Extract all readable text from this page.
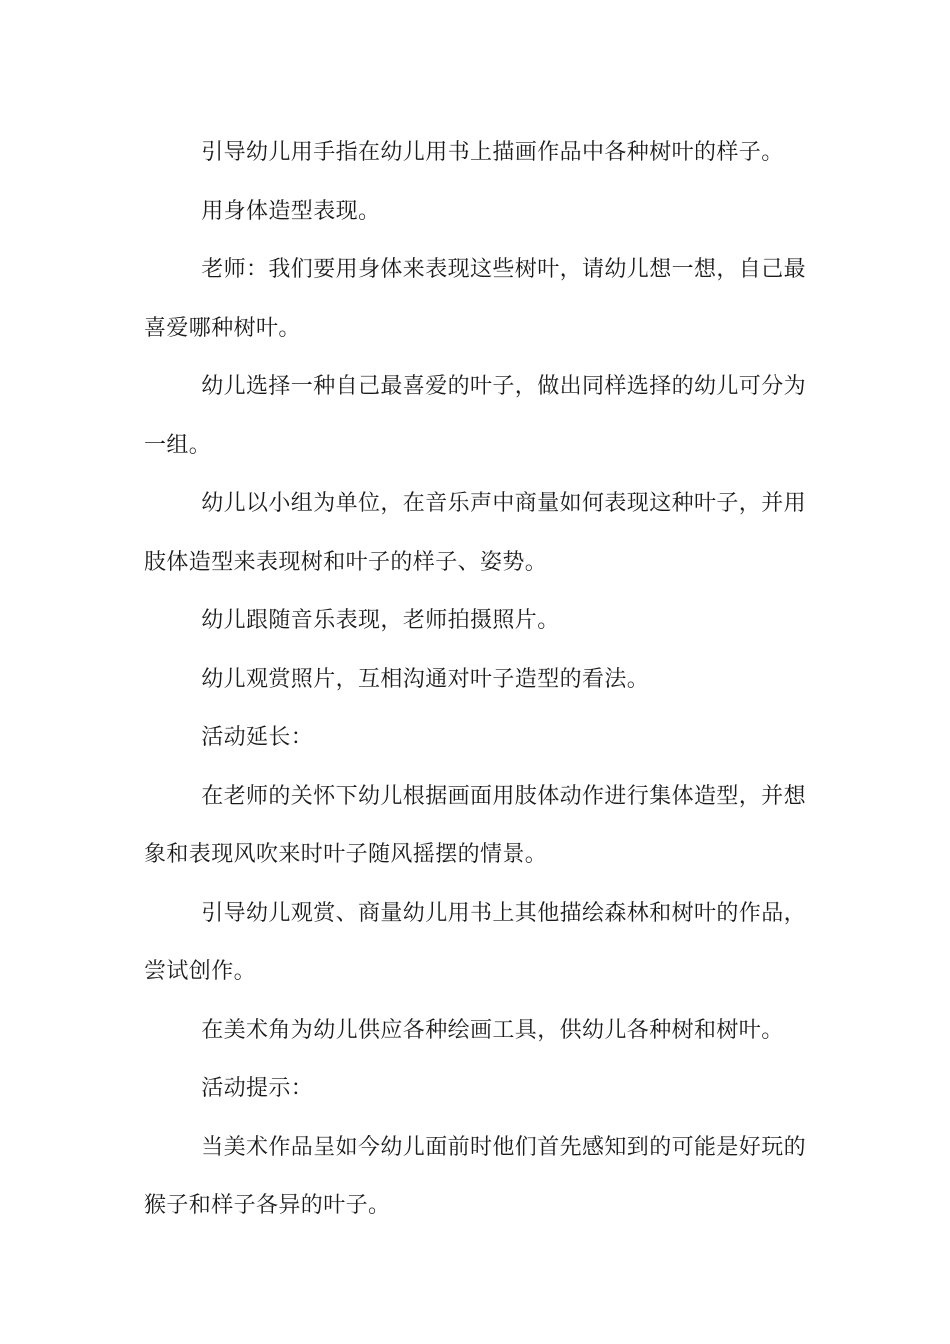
引导幼儿用手指在幼儿用书上描画作品中各种树叶的样子。

用身体造型表现。

老师：我们要用身体来表现这些树叶，请幼儿想一想，自己最喜爱哪种树叶。

幼儿选择一种自己最喜爱的叶子，做出同样选择的幼儿可分为一组。

幼儿以小组为单位，在音乐声中商量如何表现这种叶子，并用肢体造型来表现树和叶子的样子、姿势。

幼儿跟随音乐表现，老师拍摄照片。

幼儿观赏照片，互相沟通对叶子造型的看法。

活动延长：

在老师的关怀下幼儿根据画面用肢体动作进行集体造型，并想象和表现风吹来时叶子随风摇摆的情景。

引导幼儿观赏、商量幼儿用书上其他描绘森林和树叶的作品，尝试创作。

在美术角为幼儿供应各种绘画工具，供幼儿各种树和树叶。

活动提示：

当美术作品呈如今幼儿面前时他们首先感知到的可能是好玩的猴子和样子各异的叶子。
